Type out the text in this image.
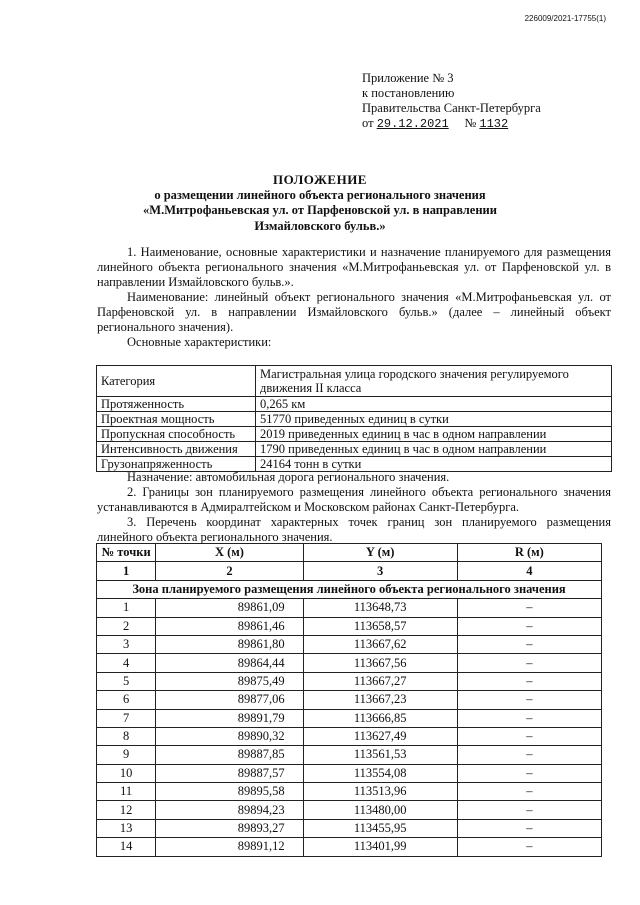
226009/2021-17755(1)
Приложение № 3
к постановлению
Правительства Санкт-Петербурга
от 29.12.2021 № 1132
ПОЛОЖЕНИЕ
о размещении линейного объекта регионального значения
«М.Митрофаньевская ул. от Парфеновской ул. в направлении
Измайловского бульв.»
1. Наименование, основные характеристики и назначение планируемого для размещения линейного объекта регионального значения «М.Митрофаньевская ул. от Парфеновской ул. в направлении Измайловского бульв.».
Наименование: линейный объект регионального значения «М.Митрофаньевская ул. от Парфеновской ул. в направлении Измайловского бульв.» (далее – линейный объект регионального значения).
Основные характеристики:
Категория	Магистральная улица городского значения регулируемого движения II класса
Протяженность	0,265 км
Проектная мощность	51770 приведенных единиц в сутки
Пропускная способность	2019 приведенных единиц в час в одном направлении
Интенсивность движения	1790 приведенных единиц в час в одном направлении
Грузонапряженность	24164 тонн в сутки
Назначение: автомобильная дорога регионального значения.
2. Границы зон планируемого размещения линейного объекта регионального значения устанавливаются в Адмиралтейском и Московском районах Санкт-Петербурга.
3. Перечень координат характерных точек границ зон планируемого размещения линейного объекта регионального значения.
№ точки	X (м)	Y (м)	R (м)
1	2	3	4
Зона планируемого размещения линейного объекта регионального значения			
1	89861,09	113648,73	–
2	89861,46	113658,57	–
3	89861,80	113667,62	–
4	89864,44	113667,56	–
5	89875,49	113667,27	–
6	89877,06	113667,23	–
7	89891,79	113666,85	–
8	89890,32	113627,49	–
9	89887,85	113561,53	–
10	89887,57	113554,08	–
11	89895,58	113513,96	–
12	89894,23	113480,00	–
13	89893,27	113455,95	–
14	89891,12	113401,99	–
